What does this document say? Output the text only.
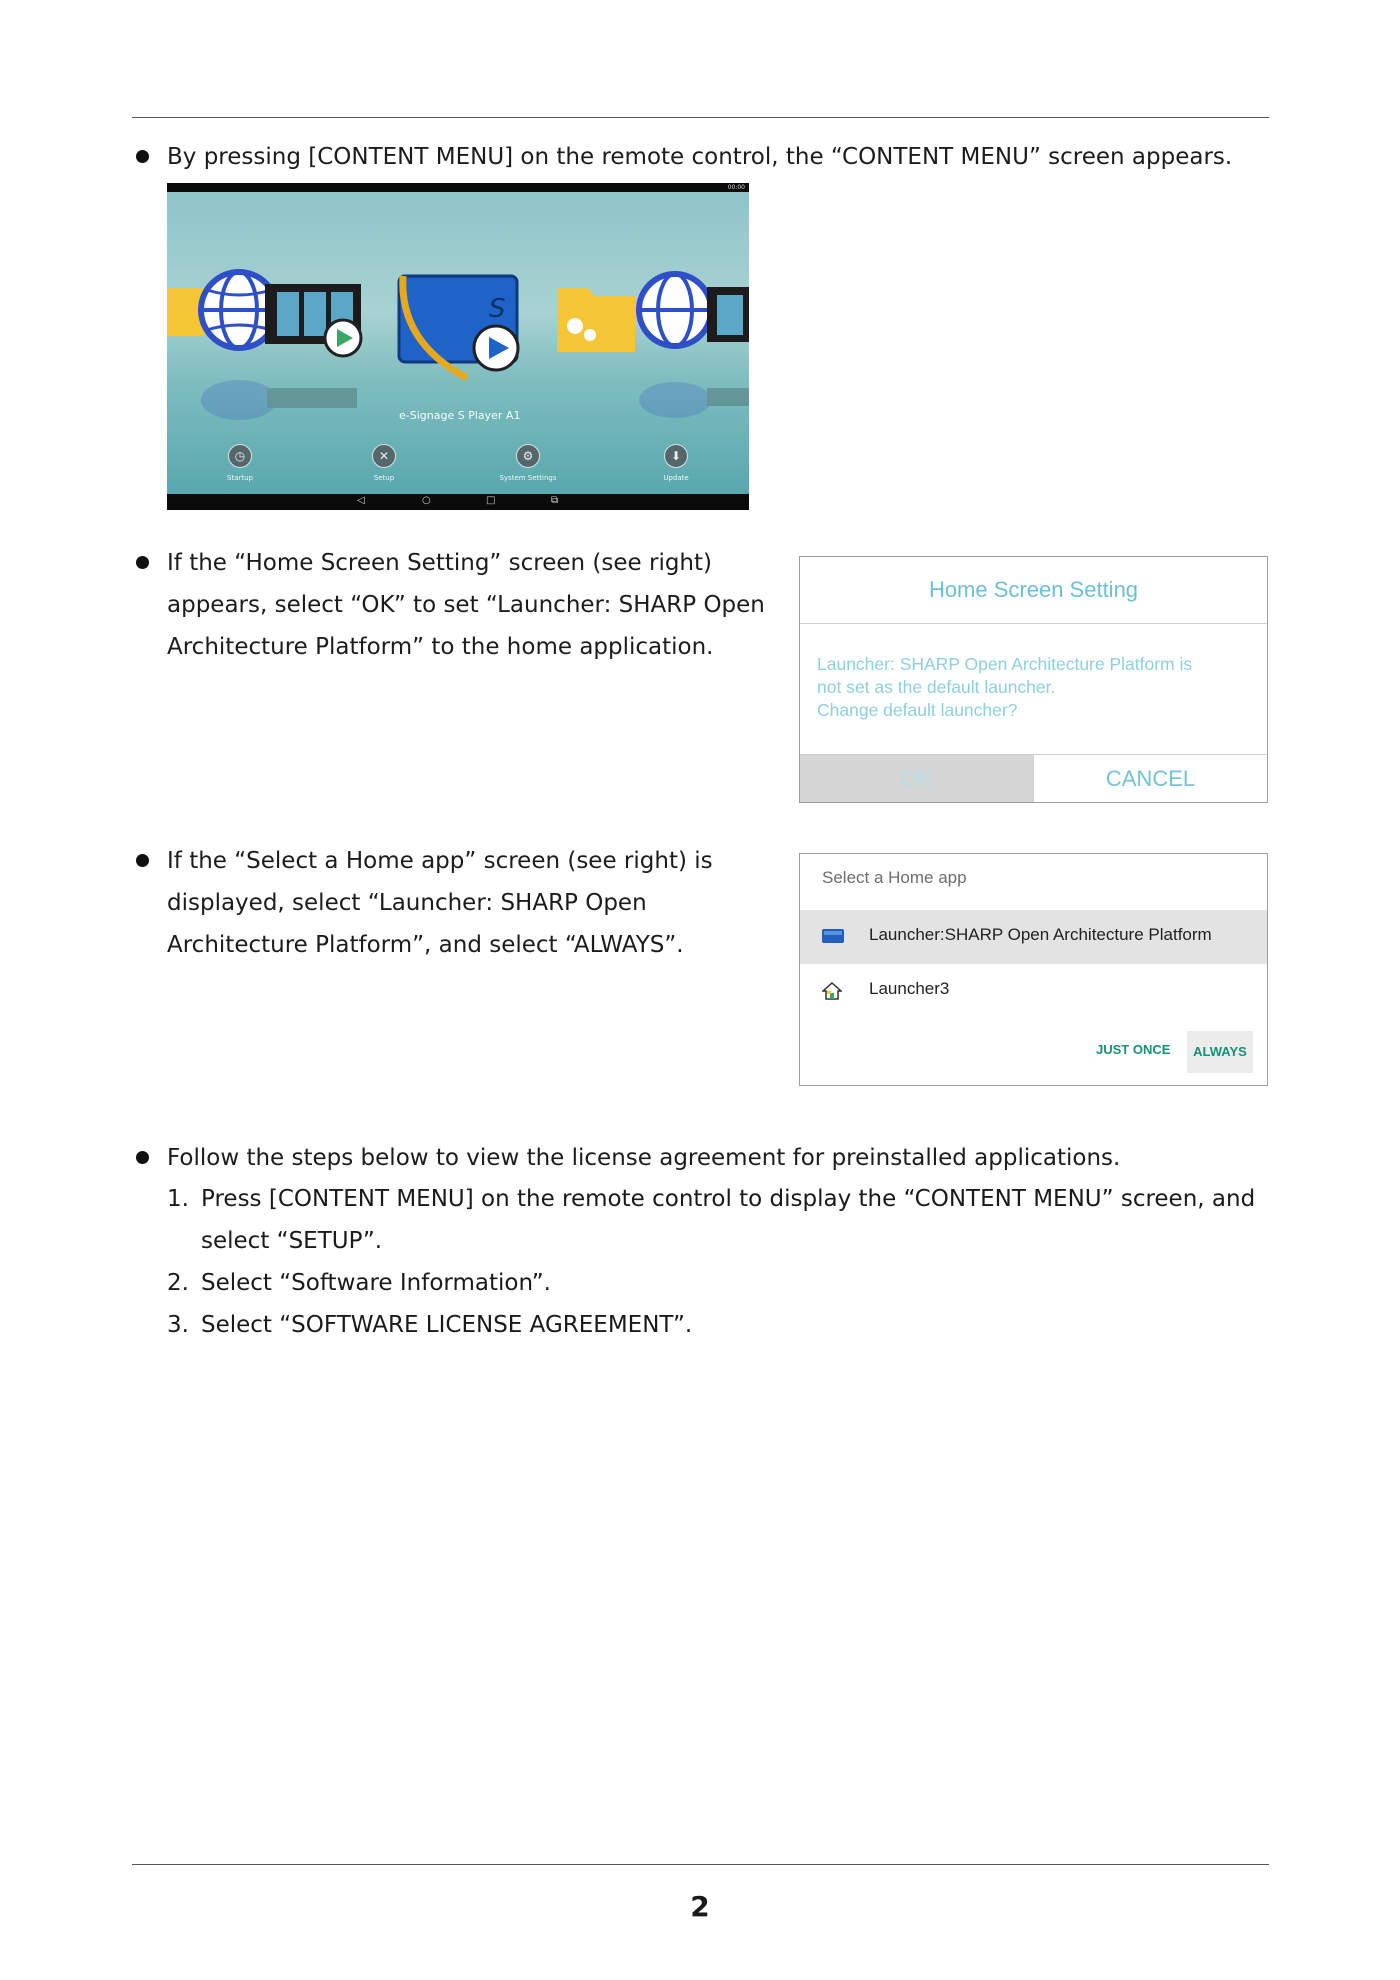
By pressing [CONTENT MENU] on the remote control, the “CONTENT MENU” screen appears.
00:00
S
e-Signage S Player A1
◷
Startup
✕
Setup
⚙
System Settings
⬇
Update
◁	○	□	⧉
If the “Home Screen Setting” screen (see right)
appears, select “OK” to set “Launcher: SHARP Open
Architecture Platform” to the home application.
Home Screen Setting
Launcher: SHARP Open Architecture Platform is
not set as the default launcher.
Change default launcher?
OK	CANCEL
If the “Select a Home app” screen (see right) is
displayed, select “Launcher: SHARP Open
Architecture Platform”, and select “ALWAYS”.
Select a Home app
Launcher:SHARP Open Architecture Platform
Launcher3
JUST ONCE	ALWAYS
Follow the steps below to view the license agreement for preinstalled applications.
1. Press [CONTENT MENU] on the remote control to display the “CONTENT MENU” screen, and
select “SETUP”.
2. Select “Software Information”.
3. Select “SOFTWARE LICENSE AGREEMENT”.
2
